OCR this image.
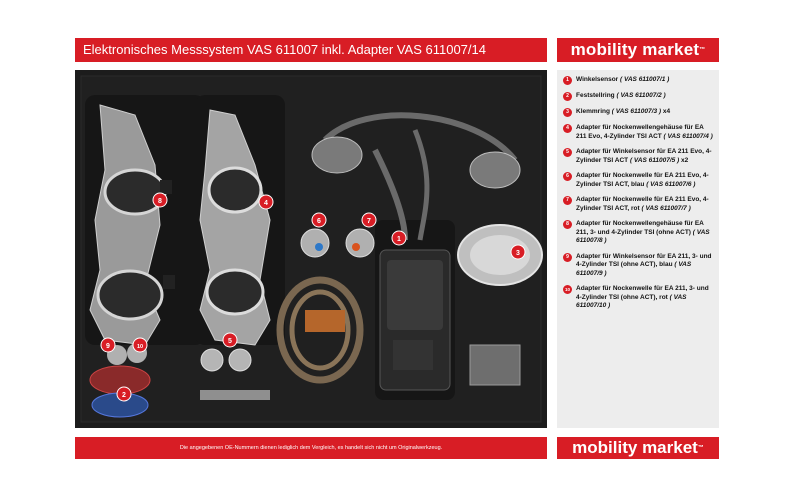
Elektronisches Messsystem VAS 611007 inkl. Adapter VAS 611007/14	mobility market™
1
2
3
4
5
6	7
8
9	10
1	Winkelsensor ( VAS 611007/1 )
2	Feststellring ( VAS 611007/2 )
3	Klemmring ( VAS 611007/3 ) x4
4	Adapter für Nockenwellengehäuse für EA 211 Evo, 4-Zylinder TSI ACT ( VAS 611007/4 )
5	Adapter für Winkelsensor für EA 211 Evo, 4-Zylinder TSI ACT ( VAS 611007/5 ) x2
6	Adapter für Nockenwelle für EA 211 Evo, 4-Zylinder TSI ACT, blau ( VAS 611007/6 )
7	Adapter für Nockenwelle für EA 211 Evo, 4-Zylinder TSI ACT, rot ( VAS 611007/7 )
8	Adapter für Nockenwellengehäuse für EA 211, 3- und 4-Zylinder TSI (ohne ACT) ( VAS 611007/8 )
9	Adapter für Winkelsensor für EA 211, 3- und 4-Zylinder TSI (ohne ACT), blau ( VAS 611007/9 )
10 Adapter für Nockenwelle für EA 211, 3- und 4-Zylinder TSI (ohne ACT), rot ( VAS 611007/10 )
Die angegebenen OE-Nummern dienen lediglich dem Vergleich, es handelt sich nicht um Originalwerkzeug.	mobility market™
